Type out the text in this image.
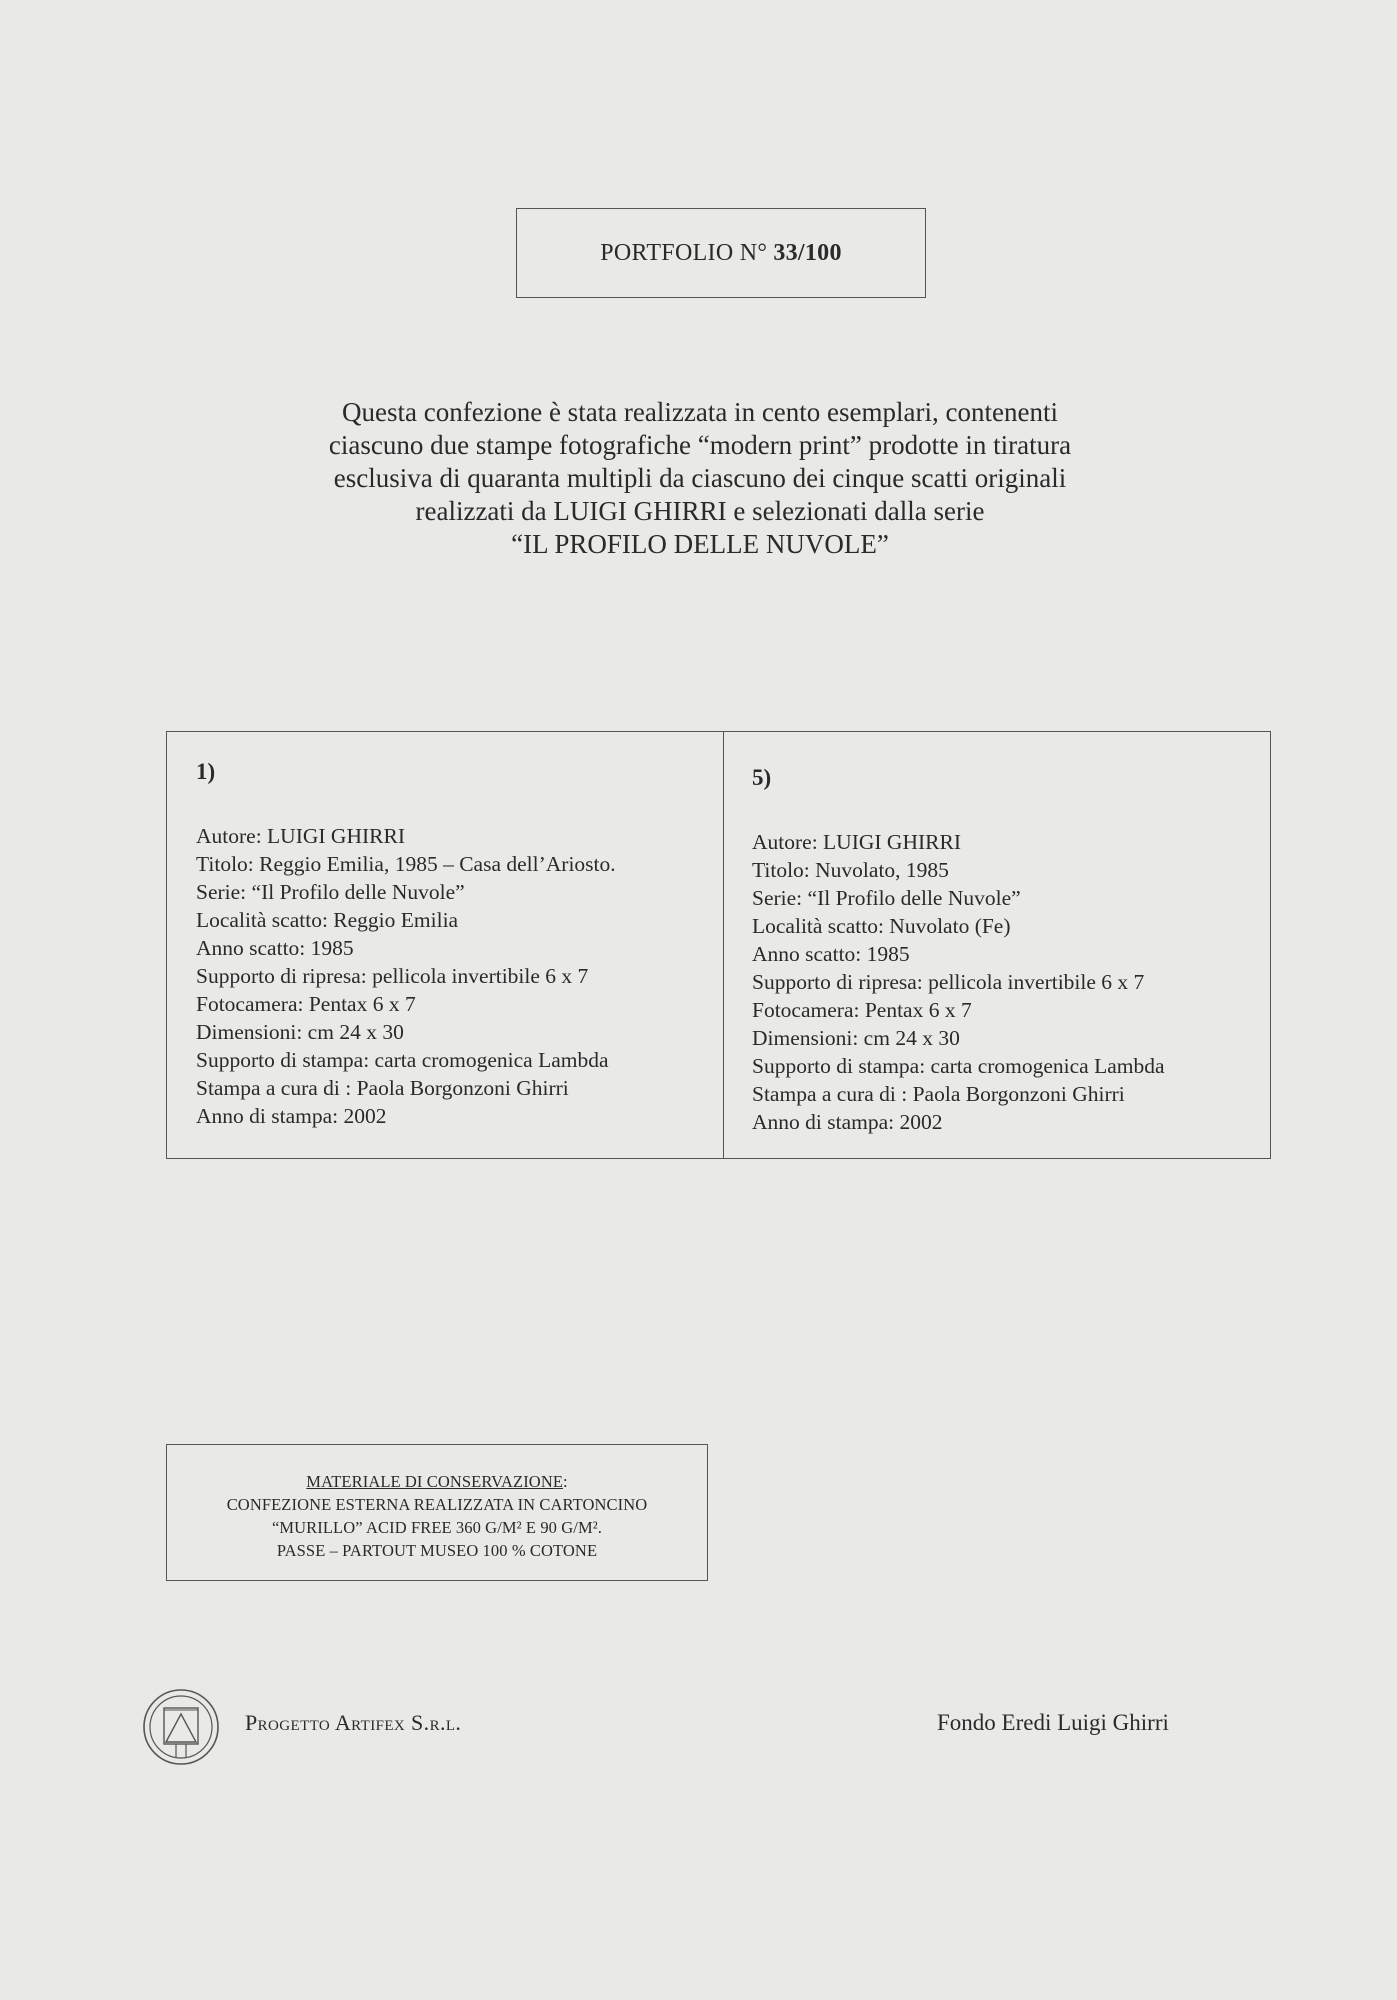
PORTFOLIO N° 33/100
Questa confezione è stata realizzata in cento esemplari, contenenti
ciascuno due stampe fotografiche “modern print” prodotte in tiratura
esclusiva di quaranta multipli da ciascuno dei cinque scatti originali
realizzati da LUIGI GHIRRI e selezionati dalla serie
“IL PROFILO DELLE NUVOLE”
1)
Autore: LUIGI GHIRRI
Titolo: Reggio Emilia, 1985 – Casa dell’Ariosto.
Serie: “Il Profilo delle Nuvole”
Località scatto: Reggio Emilia
Anno scatto: 1985
Supporto di ripresa: pellicola invertibile 6 x 7
Fotocamera: Pentax 6 x 7
Dimensioni: cm 24 x 30
Supporto di stampa: carta cromogenica Lambda
Stampa a cura di : Paola Borgonzoni Ghirri
Anno di stampa: 2002
5)
Autore: LUIGI GHIRRI
Titolo: Nuvolato, 1985
Serie: “Il Profilo delle Nuvole”
Località scatto: Nuvolato (Fe)
Anno scatto: 1985
Supporto di ripresa: pellicola invertibile 6 x 7
Fotocamera: Pentax 6 x 7
Dimensioni: cm 24 x 30
Supporto di stampa: carta cromogenica Lambda
Stampa a cura di : Paola Borgonzoni Ghirri
Anno di stampa: 2002
MATERIALE DI CONSERVAZIONE:
CONFEZIONE ESTERNA REALIZZATA IN CARTONCINO
“MURILLO” ACID FREE 360 G/M² E 90 G/M².
PASSE – PARTOUT MUSEO 100 % COTONE
Progetto Artifex S.r.l.	Fondo Eredi Luigi Ghirri
